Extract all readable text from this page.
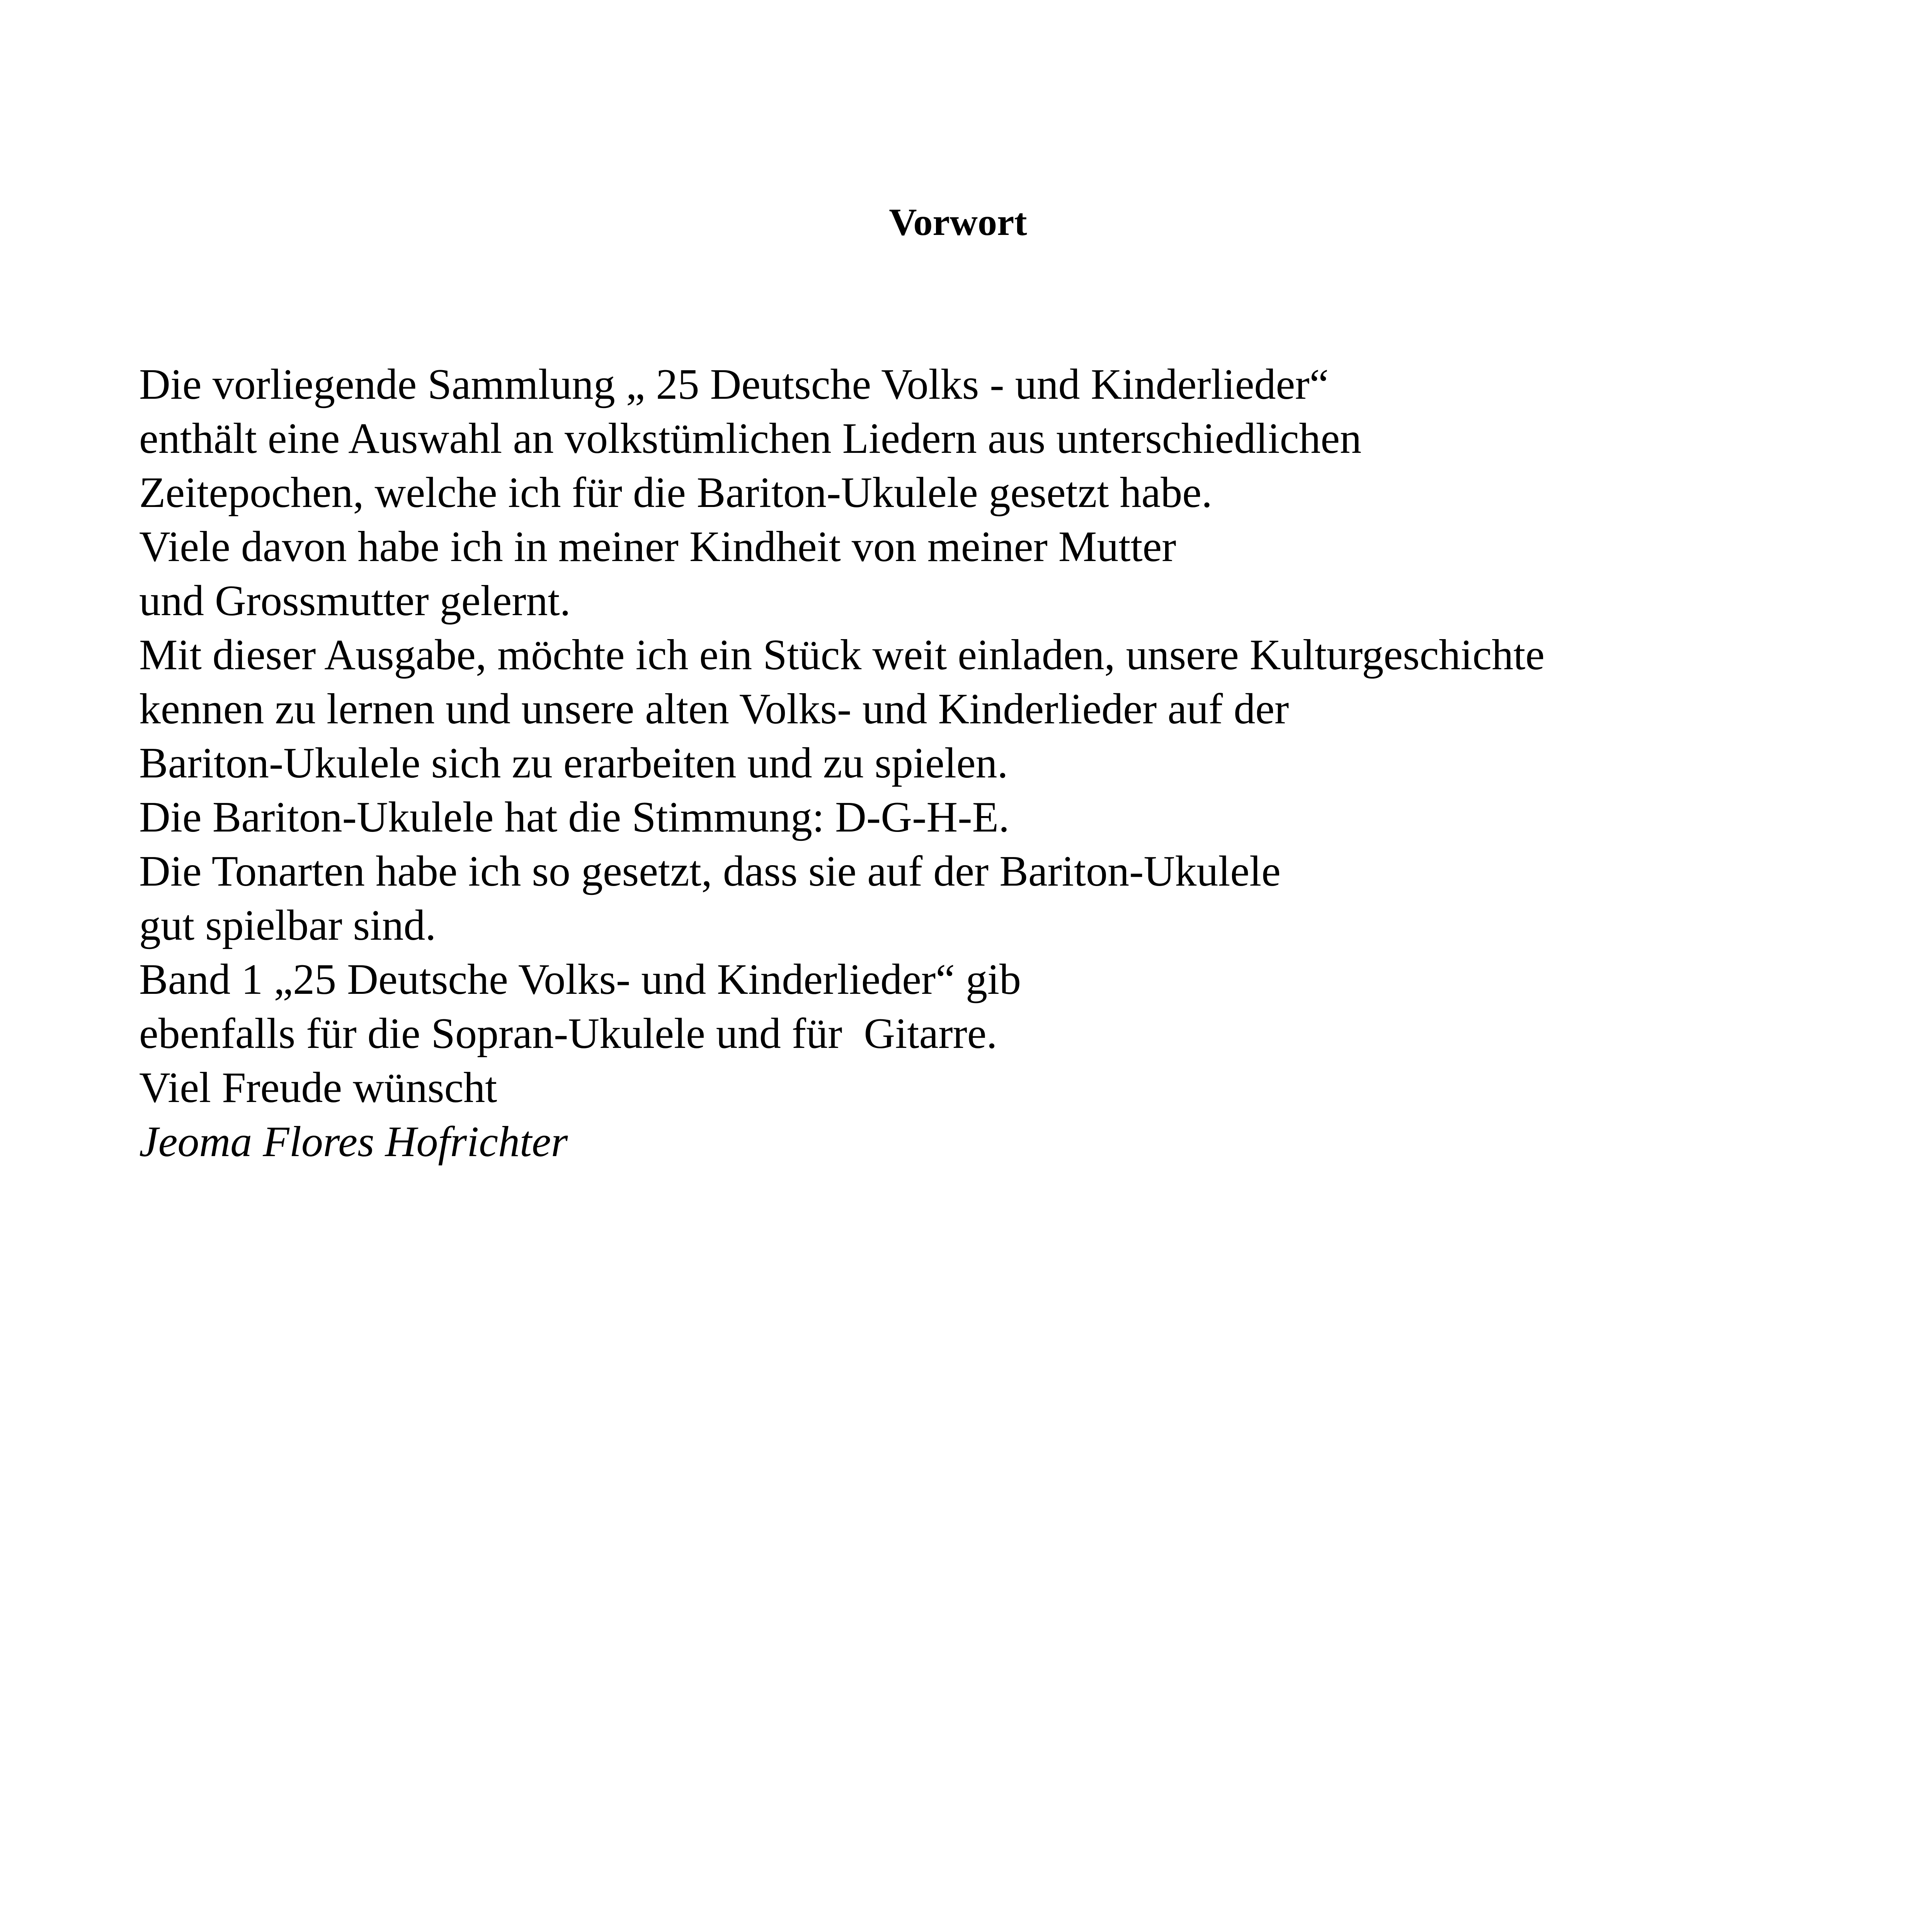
Vorwort
Die vorliegende Sammlung „ 25 Deutsche Volks - und Kinderlieder“
enthält eine Auswahl an volkstümlichen Liedern aus unterschiedlichen
Zeitepochen, welche ich für die Bariton-Ukulele gesetzt habe.
Viele davon habe ich in meiner Kindheit von meiner Mutter
und Grossmutter gelernt.
Mit dieser Ausgabe, möchte ich ein Stück weit einladen, unsere Kulturgeschichte
kennen zu lernen und unsere alten Volks- und Kinderlieder auf der
Bariton-Ukulele sich zu erarbeiten und zu spielen.
Die Bariton-Ukulele hat die Stimmung: D-G-H-E.
Die Tonarten habe ich so gesetzt, dass sie auf der Bariton-Ukulele
gut spielbar sind.
Band 1 „25 Deutsche Volks- und Kinderlieder“ gib
ebenfalls für die Sopran-Ukulele und für  Gitarre.
Viel Freude wünscht
Jeoma Flores Hofrichter
